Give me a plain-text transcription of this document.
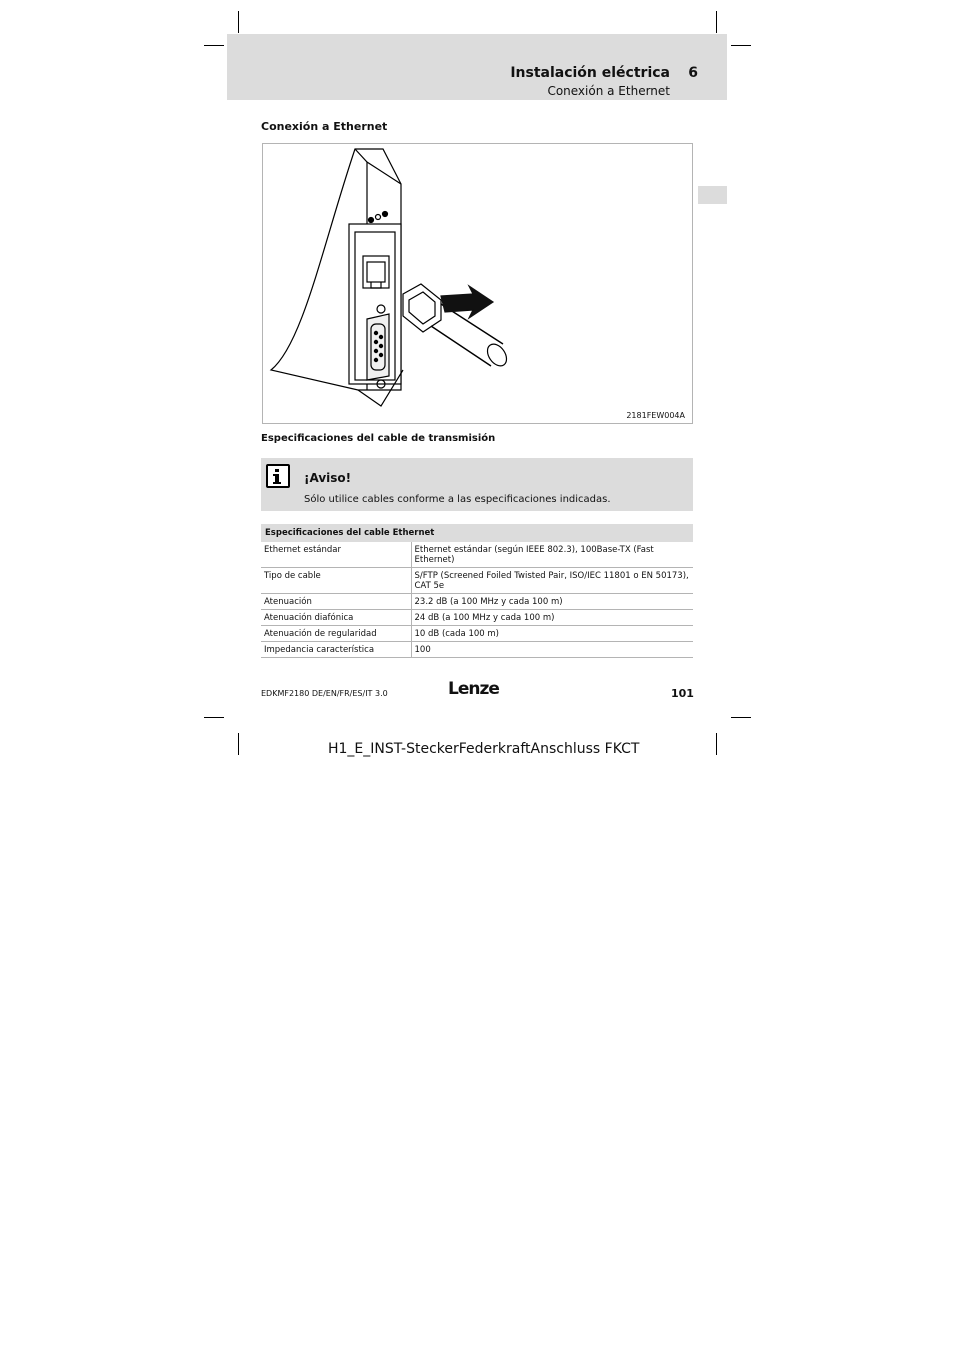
Instalación eléctrica 6
Conexión a Ethernet
Conexión a Ethernet
2181FEW004A
Especificaciones del cable de transmisión
¡Aviso!
Sólo utilice cables conforme a las especificaciones indicadas.
Especificaciones del cable Ethernet	
Ethernet estándar	Ethernet estándar (según IEEE 802.3), 100Base-TX (Fast Ethernet)
Tipo de cable	S/FTP (Screened Foiled Twisted Pair, ISO/IEC 11801 o EN 50173), CAT 5e
Atenuación	23.2 dB (a 100 MHz y cada 100 m)
Atenuación diafónica	24 dB (a 100 MHz y cada 100 m)
Atenuación de regularidad	10 dB (cada 100 m)
Impedancia característica	100
EDKMF2180 DE/EN/FR/ES/IT 3.0	Lenze	101
H1_E_INST-SteckerFederkraftAnschluss FKCT
